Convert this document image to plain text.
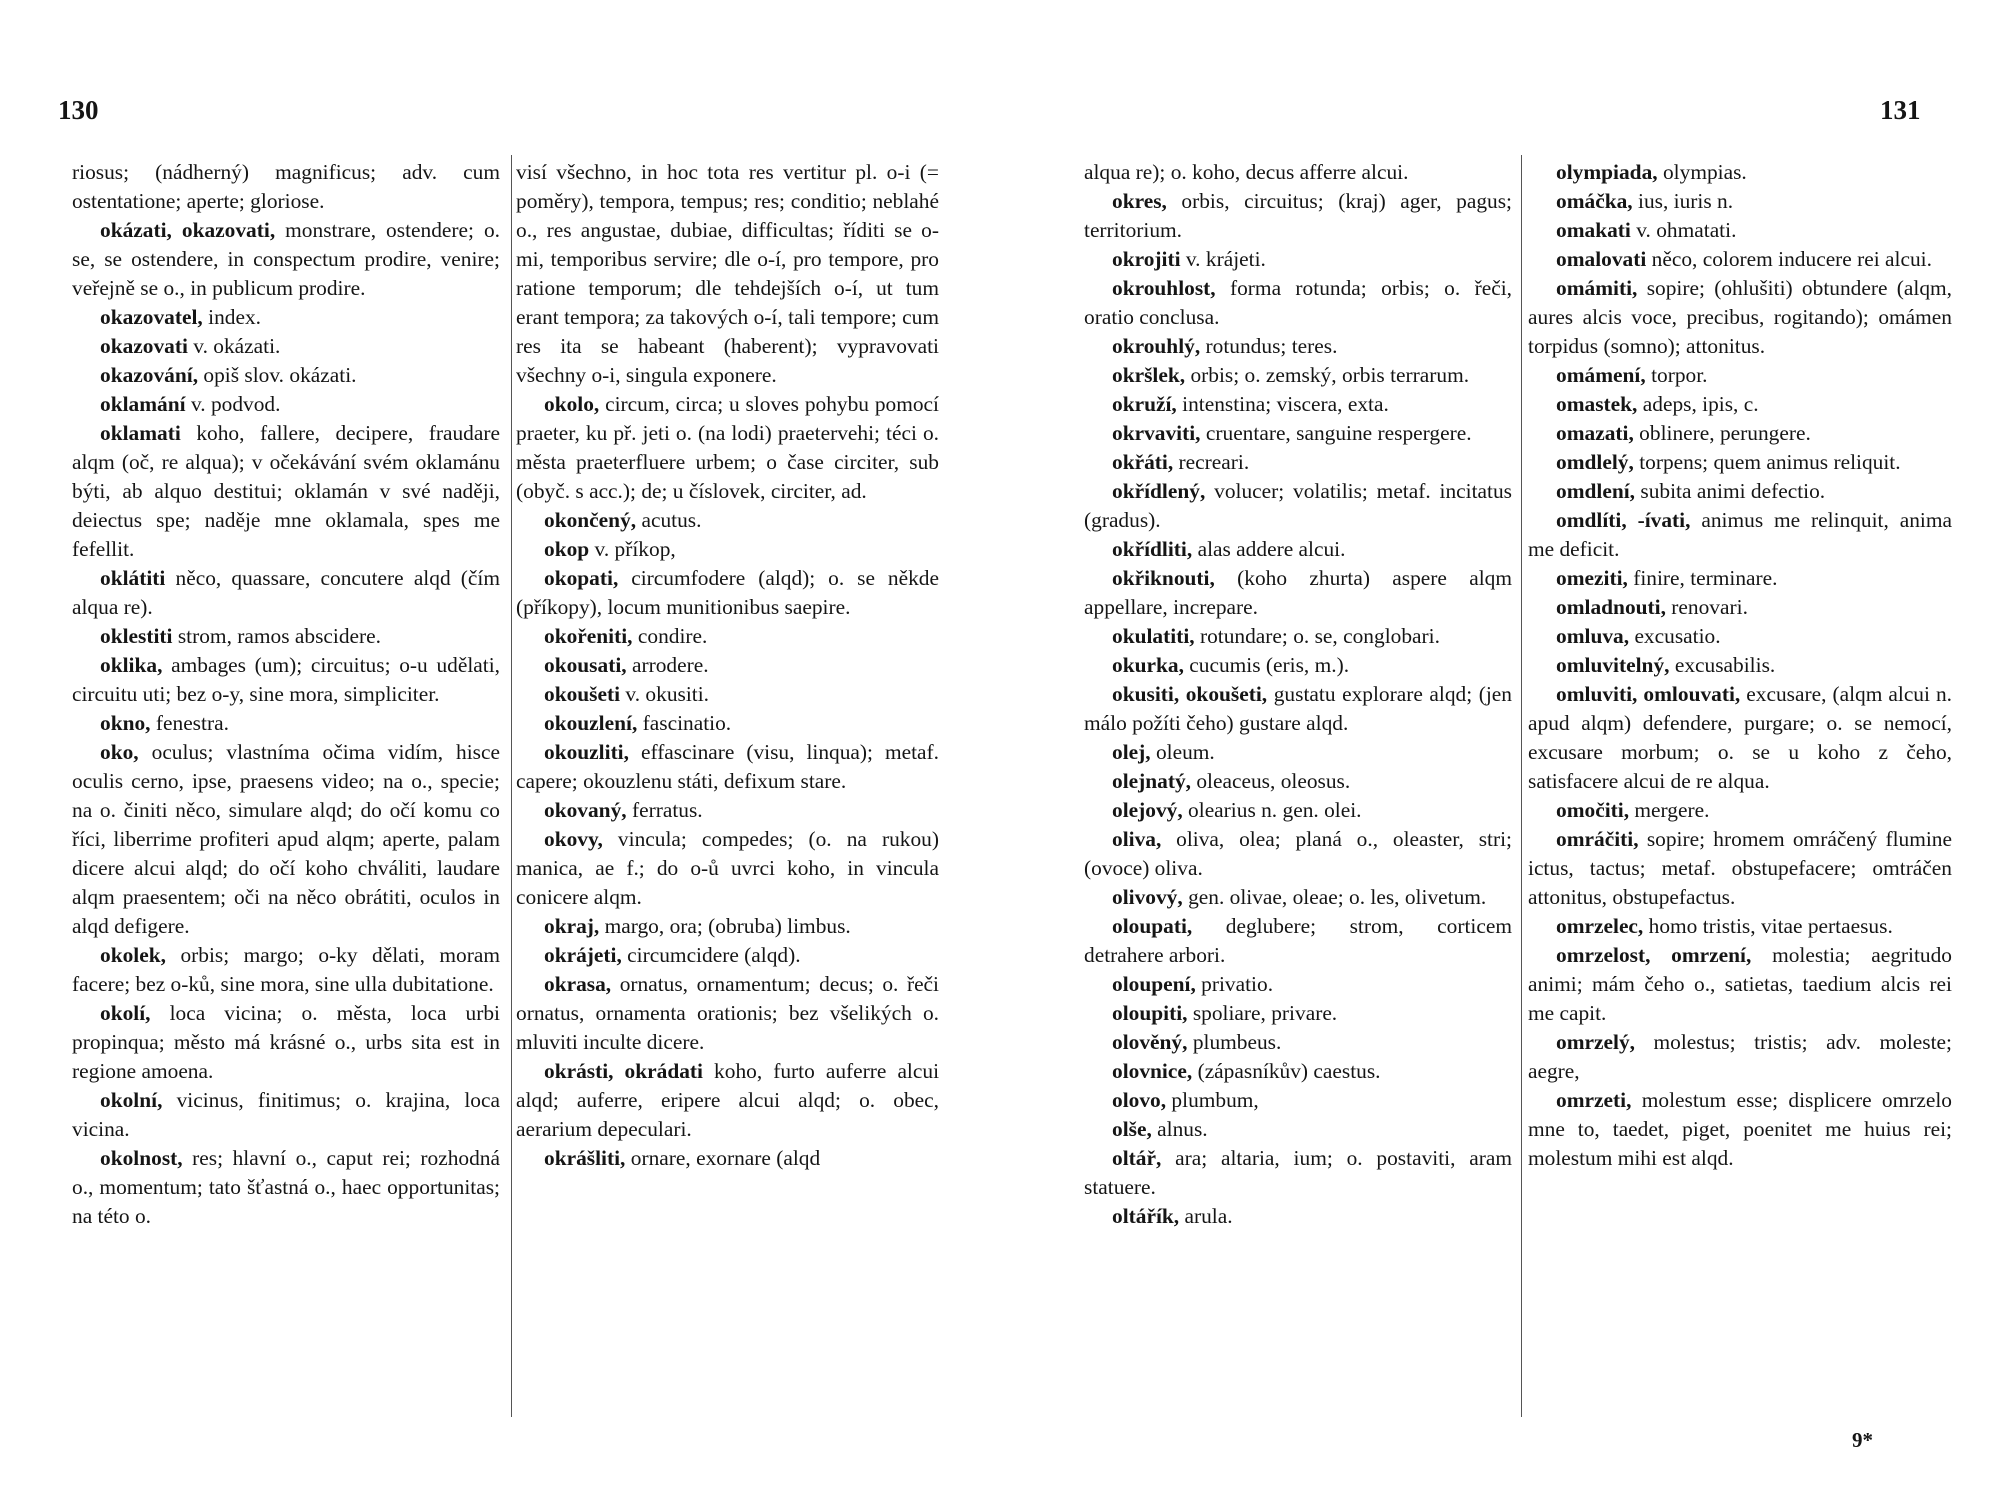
130	131

riosus; (nádherný) magnificus; adv. cum ostentatione; aperte; gloriose.

okázati, okazovati, monstrare, ostendere; o. se, se ostendere, in conspectum prodire, venire; veřejně se o., in publicum prodire.

okazovatel, index.

okazovati v. okázati.

okazování, opiš slov. okázati.

oklamání v. podvod.

oklamati koho, fallere, decipere, fraudare alqm (oč, re alqua); v očekávání svém oklamánu býti, ab alquo destitui; oklamán v své naději, deiectus spe; naděje mne oklamala, spes me fefellit.

oklátiti něco, quassare, concutere alqd (čím alqua re).

oklestiti strom, ramos abscidere.

oklika, ambages (um); circuitus; o-u udělati, circuitu uti; bez o-y, sine mora, simpliciter.

okno, fenestra.

oko, oculus; vlastníma očima vidím, hisce oculis cerno, ipse, praesens video; na o., specie; na o. činiti něco, simulare alqd; do očí komu co říci, liberrime profiteri apud alqm; aperte, palam dicere alcui alqd; do očí koho chváliti, laudare alqm praesentem; oči na něco obrátiti, oculos in alqd defigere.

okolek, orbis; margo; o-ky dělati, moram facere; bez o-ků, sine mora, sine ulla dubitatione.

okolí, loca vicina; o. města, loca urbi propinqua; město má krásné o., urbs sita est in regione amoena.

okolní, vicinus, finitimus; o. krajina, loca vicina.

okolnost, res; hlavní o., caput rei; rozhodná o., momentum; tato šťastná o., haec opportunitas; na této o.

visí všechno, in hoc tota res vertitur pl. o-i (= poměry), tempora, tempus; res; conditio; neblahé o., res angustae, dubiae, difficultas; říditi se o-mi, temporibus servire; dle o-í, pro tempore, pro ratione temporum; dle tehdejších o-í, ut tum erant tempora; za takových o-í, tali tempore; cum res ita se habeant (haberent); vypravovati všechny o-i, singula exponere.

okolo, circum, circa; u sloves pohybu pomocí praeter, ku př. jeti o. (na lodi) praetervehi; téci o. města praeterfluere urbem; o čase circiter, sub (obyč. s acc.); de; u číslovek, circiter, ad.

okončený, acutus.

okop v. příkop,

okopati, circumfodere (alqd); o. se někde (příkopy), locum munitionibus saepire.

okořeniti, condire.

okousati, arrodere.

okoušeti v. okusiti.

okouzlení, fascinatio.

okouzliti, effascinare (visu, linqua); metaf. capere; okouzlenu státi, defixum stare.

okovaný, ferratus.

okovy, vincula; compedes; (o. na rukou) manica, ae f.; do o-ů uvrci koho, in vincula conicere alqm.

okraj, margo, ora; (obruba) limbus.

okrájeti, circumcidere (alqd).

okrasa, ornatus, ornamentum; decus; o. řeči ornatus, ornamenta orationis; bez všelikých o. mluviti inculte dicere.

okrásti, okrádati koho, furto auferre alcui alqd; auferre, eripere alcui alqd; o. obec, aerarium depeculari.

okrášliti, ornare, exornare (alqd

alqua re); o. koho, decus afferre alcui.

okres, orbis, circuitus; (kraj) ager, pagus; territorium.

okrojiti v. krájeti.

okrouhlost, forma rotunda; orbis; o. řeči, oratio conclusa.

okrouhlý, rotundus; teres.

okršlek, orbis; o. zemský, orbis terrarum.

okruží, intenstina; viscera, exta.

okrvaviti, cruentare, sanguine respergere.

okřáti, recreari.

okřídlený, volucer; volatilis; metaf. incitatus (gradus).

okřídliti, alas addere alcui.

okřiknouti, (koho zhurta) aspere alqm appellare, increpare.

okulatiti, rotundare; o. se, conglobari.

okurka, cucumis (eris, m.).

okusiti, okoušeti, gustatu explorare alqd; (jen málo požíti čeho) gustare alqd.

olej, oleum.

olejnatý, oleaceus, oleosus.

olejový, olearius n. gen. olei.

oliva, oliva, olea; planá o., oleaster, stri; (ovoce) oliva.

olivový, gen. olivae, oleae; o. les, olivetum.

oloupati, deglubere; strom, corticem detrahere arbori.

oloupení, privatio.

oloupiti, spoliare, privare.

olověný, plumbeus.

olovnice, (zápasníkův) caestus.

olovo, plumbum,

olše, alnus.

oltář, ara; altaria, ium; o. postaviti, aram statuere.

oltářík, arula.

olympiada, olympias.

omáčka, ius, iuris n.

omakati v. ohmatati.

omalovati něco, colorem inducere rei alcui.

omámiti, sopire; (ohlušiti) obtundere (alqm, aures alcis voce, precibus, rogitando); omámen torpidus (somno); attonitus.

omámení, torpor.

omastek, adeps, ipis, c.

omazati, oblinere, perungere.

omdlelý, torpens; quem animus reliquit.

omdlení, subita animi defectio.

omdlíti, -ívati, animus me relinquit, anima me deficit.

omeziti, finire, terminare.

omladnouti, renovari.

omluva, excusatio.

omluvitelný, excusabilis.

omluviti, omlouvati, excusare, (alqm alcui n. apud alqm) defendere, purgare; o. se nemocí, excusare morbum; o. se u koho z čeho, satisfacere alcui de re alqua.

omočiti, mergere.

omráčiti, sopire; hromem omráčený flumine ictus, tactus; metaf. obstupefacere; omtráčen attonitus, obstupefactus.

omrzelec, homo tristis, vitae pertaesus.

omrzelost, omrzení, molestia; aegritudo animi; mám čeho o., satietas, taedium alcis rei me capit.

omrzelý, molestus; tristis; adv. moleste; aegre,

omrzeti, molestum esse; displicere omrzelo mne to, taedet, piget, poenitet me huius rei; molestum mihi est alqd.

9*
